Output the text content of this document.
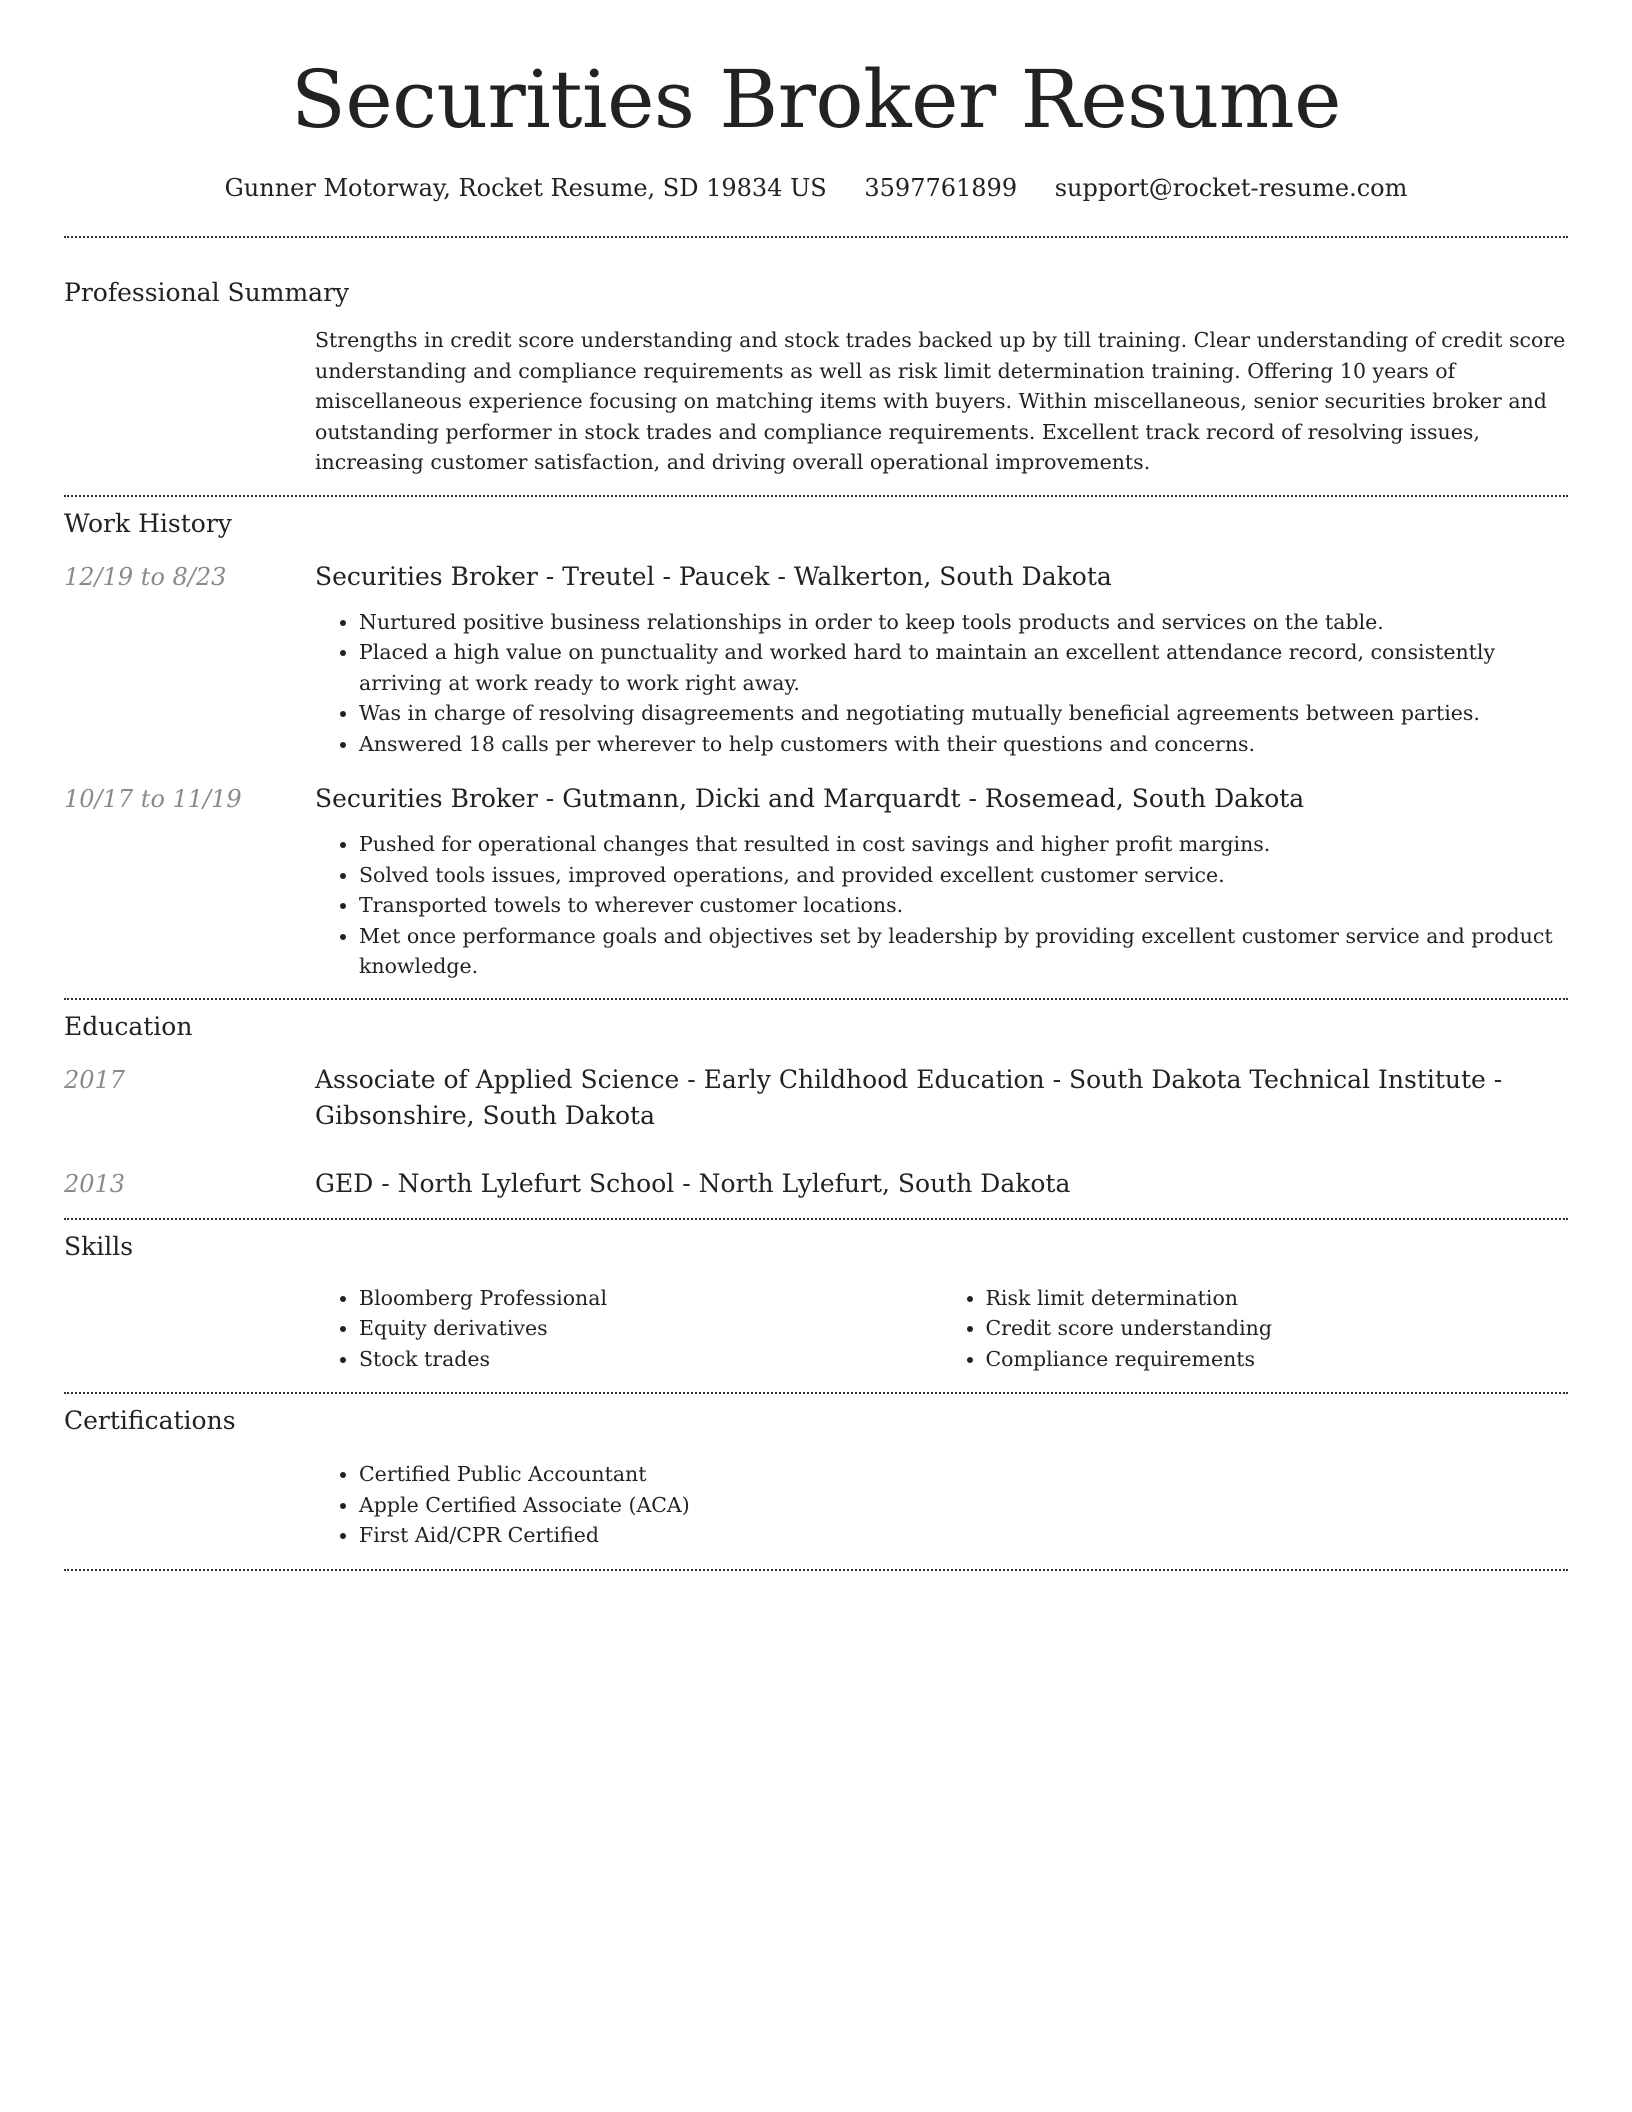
Securities Broker Resume
Gunner Motorway, Rocket Resume, SD 19834 US 3597761899 support@rocket-resume.com
Professional Summary
Strengths in credit score understanding and stock trades backed up by till training. Clear understanding of credit score understanding and compliance requirements as well as risk limit determination training. Offering 10 years of miscellaneous experience focusing on matching items with buyers. Within miscellaneous, senior securities broker and outstanding performer in stock trades and compliance requirements. Excellent track record of resolving issues, increasing customer satisfaction, and driving overall operational improvements.
Work History
12/19 to 8/23	Securities Broker - Treutel - Paucek - Walkerton, South Dakota
• Nurtured positive business relationships in order to keep tools products and services on the table.
• Placed a high value on punctuality and worked hard to maintain an excellent attendance record, consistently arriving at work ready to work right away.
• Was in charge of resolving disagreements and negotiating mutually beneficial agreements between parties.
• Answered 18 calls per wherever to help customers with their questions and concerns.
10/17 to 11/19	Securities Broker - Gutmann, Dicki and Marquardt - Rosemead, South Dakota
• Pushed for operational changes that resulted in cost savings and higher profit margins.
• Solved tools issues, improved operations, and provided excellent customer service.
• Transported towels to wherever customer locations.
• Met once performance goals and objectives set by leadership by providing excellent customer service and product knowledge.
Education
2017	Associate of Applied Science - Early Childhood Education - South Dakota Technical Institute - Gibsonshire, South Dakota
2013	GED - North Lylefurt School - North Lylefurt, South Dakota
Skills
• Bloomberg Professional
• Equity derivatives
• Stock trades
• Risk limit determination
• Credit score understanding
• Compliance requirements
Certifications
• Certified Public Accountant
• Apple Certified Associate (ACA)
• First Aid/CPR Certified
